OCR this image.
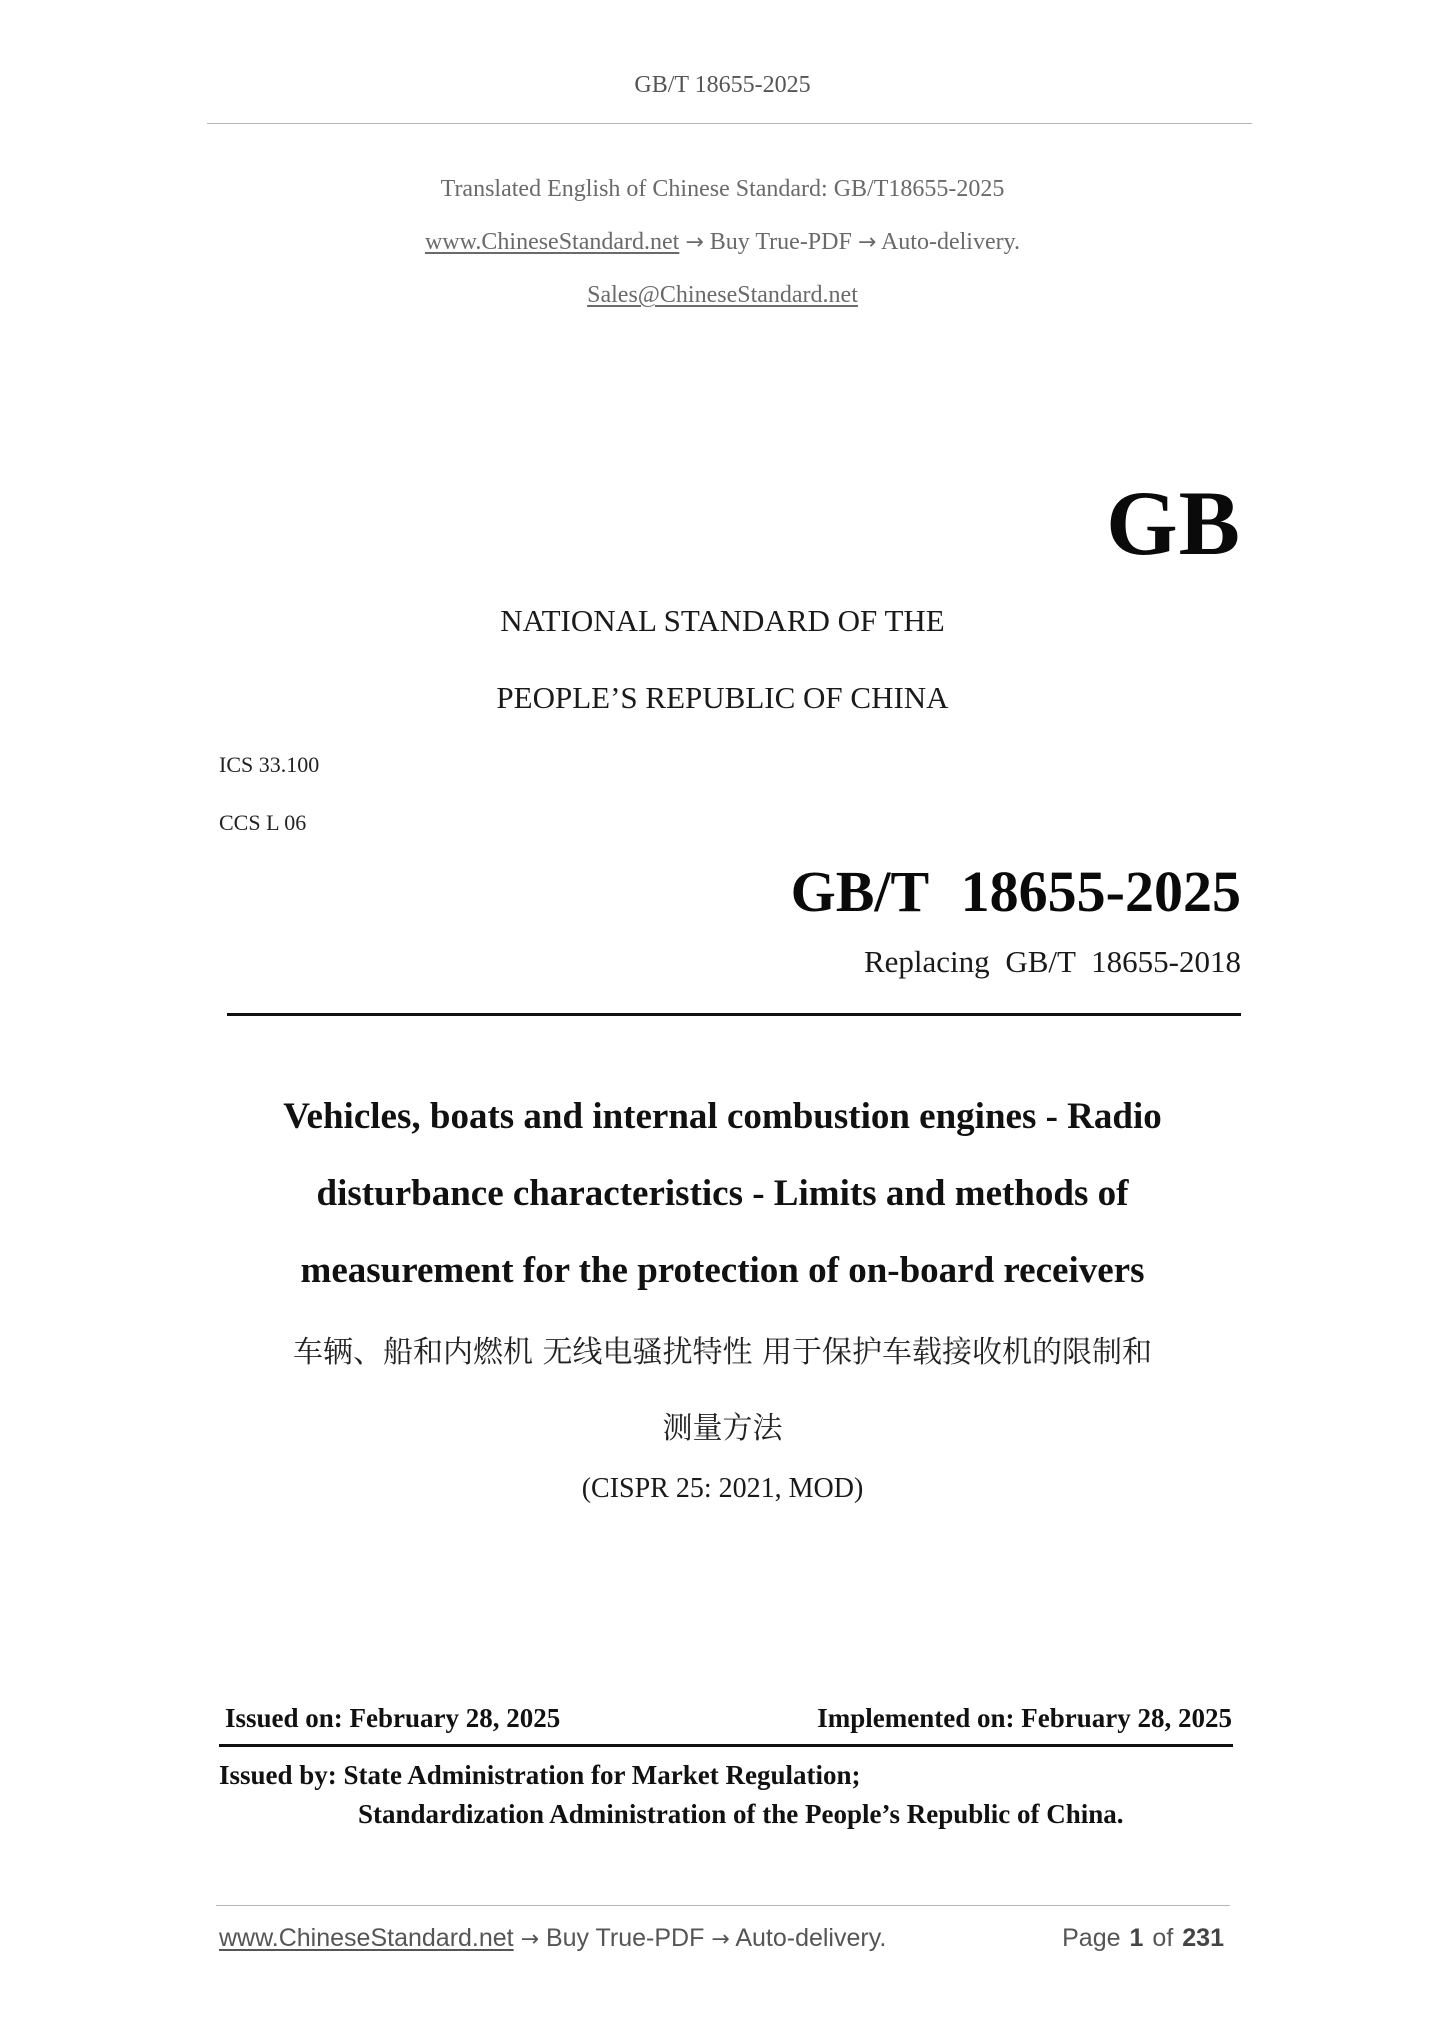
GB/T 18655-2025
Translated English of Chinese Standard: GB/T18655-2025
www.ChineseStandard.net → Buy True-PDF → Auto-delivery.
Sales@ChineseStandard.net
GB
NATIONAL STANDARD OF THE
PEOPLE’S REPUBLIC OF CHINA
ICS 33.100
CCS L 06
GB/T 18655-2025
Replacing GB/T 18655-2018
Vehicles, boats and internal combustion engines - Radio
disturbance characteristics - Limits and methods of
measurement for the protection of on-board receivers
车辆、船和内燃机 无线电骚扰特性 用于保护车载接收机的限制和
测量方法
(CISPR 25: 2021, MOD)
Issued on: February 28, 2025	Implemented on: February 28, 2025
Issued by: State Administration for Market Regulation;
Standardization Administration of the People’s Republic of China.
www.ChineseStandard.net → Buy True-PDF → Auto-delivery.	Page 1 of 231
